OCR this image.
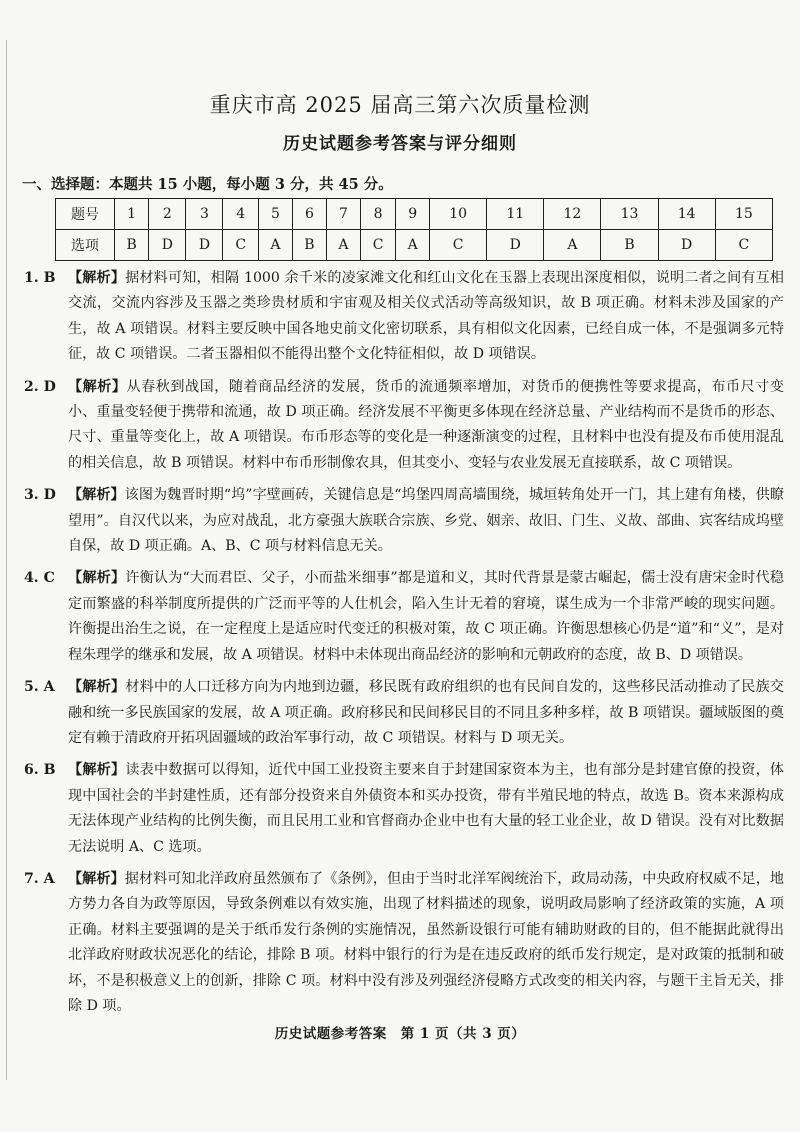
重庆市高 2025 届高三第六次质量检测
历史试题参考答案与评分细则
一、选择题：本题共 15 小题，每小题 3 分，共 45 分。
题号	1	2	3	4	5	6	7	8	9	10	11	12	13	14	15
选项	B	D	D	C	A	B	A	C	A	C	D	A	B	D	C
1. B 【解析】据材料可知，相隔 1000 余千米的凌家滩文化和红山文化在玉器上表现出深度相似，说明二者之间有互相交流，交流内容涉及玉器之类珍贵材质和宇宙观及相关仪式活动等高级知识，故 B 项正确。材料未涉及国家的产生，故 A 项错误。材料主要反映中国各地史前文化密切联系，具有相似文化因素，已经自成一体，不是强调多元特征，故 C 项错误。二者玉器相似不能得出整个文化特征相似，故 D 项错误。
2. D 【解析】从春秋到战国，随着商品经济的发展，货币的流通频率增加，对货币的便携性等要求提高，布币尺寸变小、重量变轻便于携带和流通，故 D 项正确。经济发展不平衡更多体现在经济总量、产业结构而不是货币的形态、尺寸、重量等变化上，故 A 项错误。布币形态等的变化是一种逐渐演变的过程，且材料中也没有提及布币使用混乱的相关信息，故 B 项错误。材料中布币形制像农具，但其变小、变轻与农业发展无直接联系，故 C 项错误。
3. D 【解析】该图为魏晋时期“坞”字壁画砖，关键信息是“坞堡四周高墙围绕，城垣转角处开一门，其上建有角楼，供瞭望用”。自汉代以来，为应对战乱，北方豪强大族联合宗族、乡党、姻亲、故旧、门生、义故、部曲、宾客结成坞壁自保，故 D 项正确。A、B、C 项与材料信息无关。
4. C 【解析】许衡认为“大而君臣、父子，小而盐米细事”都是道和义，其时代背景是蒙古崛起，儒士没有唐宋金时代稳定而繁盛的科举制度所提供的广泛而平等的人仕机会，陷入生计无着的窘境，谋生成为一个非常严峻的现实问题。许衡提出治生之说，在一定程度上是适应时代变迁的积极对策，故 C 项正确。许衡思想核心仍是“道”和“义”，是对程朱理学的继承和发展，故 A 项错误。材料中未体现出商品经济的影响和元朝政府的态度，故 B、D 项错误。
5. A 【解析】材料中的人口迁移方向为内地到边疆，移民既有政府组织的也有民间自发的，这些移民活动推动了民族交融和统一多民族国家的发展，故 A 项正确。政府移民和民间移民目的不同且多种多样，故 B 项错误。疆域版图的奠定有赖于清政府开拓巩固疆域的政治军事行动，故 C 项错误。材料与 D 项无关。
6. B 【解析】读表中数据可以得知，近代中国工业投资主要来自于封建国家资本为主，也有部分是封建官僚的投资，体现中国社会的半封建性质，还有部分投资来自外债资本和买办投资，带有半殖民地的特点，故选 B。资本来源构成无法体现产业结构的比例失衡，而且民用工业和官督商办企业中也有大量的轻工业企业，故 D 错误。没有对比数据无法说明 A、C 选项。
7. A 【解析】据材料可知北洋政府虽然颁布了《条例》，但由于当时北洋军阀统治下，政局动荡，中央政府权威不足，地方势力各自为政等原因，导致条例难以有效实施，出现了材料描述的现象，说明政局影响了经济政策的实施，A 项正确。材料主要强调的是关于纸币发行条例的实施情况，虽然新设银行可能有辅助财政的目的，但不能据此就得出北洋政府财政状况恶化的结论，排除 B 项。材料中银行的行为是在违反政府的纸币发行规定，是对政策的抵制和破坏，不是积极意义上的创新，排除 C 项。材料中没有涉及列强经济侵略方式改变的相关内容，与题干主旨无关，排除 D 项。
历史试题参考答案　第 1 页（共 3 页）
